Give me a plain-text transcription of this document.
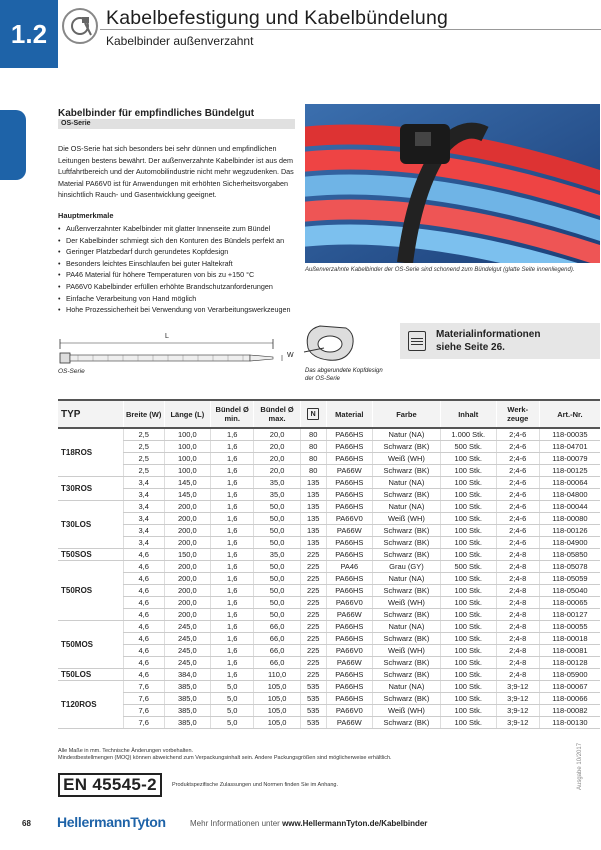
1.2
Kabelbefestigung und Kabelbündelung
Kabelbinder außenverzahnt
Kabelbinder für empfindliches Bündelgut
OS-Serie
Die OS-Serie hat sich besonders bei sehr dünnen und empfindlichen Leitungen bestens bewährt. Der außenverzahnte Kabelbinder ist aus dem Luftfahrtbereich und der Automobilindustrie nicht mehr wegzudenken. Das Material PA66V0 ist für Anwendungen mit erhöhten Sicherheitsvorgaben hinsichtlich Rauch- und Gasentwicklung geeignet.
Hauptmerkmale
• Außenverzahnter Kabelbinder mit glatter Innenseite zum Bündel
• Der Kabelbinder schmiegt sich den Konturen des Bündels perfekt an
• Geringer Platzbedarf durch gerundetes Kopfdesign
• Besonders leichtes Einschlaufen bei guter Haltekraft
• PA46 Material für höhere Temperaturen von bis zu +150 °C
• PA66V0 Kabelbinder erfüllen erhöhte Brandschutzanforderungen
• Einfache Verarbeitung von Hand möglich
• Hohe Prozessicherheit bei Verwendung von Verarbeitungswerkzeugen
Außenverzahnte Kabelbinder der OS-Serie sind schonend zum Bündelgut (glatte Seite innenliegend).
Materialinformationen
siehe Seite 26.
L
W
OS-Serie	Das abgerundete Kopfdesign
der OS-Serie
TYP	Breite (W)	Länge (L)	Bündel Ø min.	Bündel Ø max.	N	Material	Farbe	Inhalt	Werk- zeuge	Art.-Nr.
T18ROS	2,5	100,0	1,6	20,0	80	PA66HS	Natur (NA)	1.000 Stk.	2;4-6	118-00035
	2,5	100,0	1,6	20,0	80	PA66HS	Schwarz (BK)	500 Stk.	2;4-6	118-04701
	2,5	100,0	1,6	20,0	80	PA66HS	Weiß (WH)	100 Stk.	2;4-6	118-00079
	2,5	100,0	1,6	20,0	80	PA66W	Schwarz (BK)	100 Stk.	2;4-6	118-00125
T30ROS	3,4	145,0	1,6	35,0	135	PA66HS	Natur (NA)	100 Stk.	2;4-6	118-00064
	3,4	145,0	1,6	35,0	135	PA66HS	Schwarz (BK)	100 Stk.	2;4-6	118-04800
T30LOS	3,4	200,0	1,6	50,0	135	PA66HS	Natur (NA)	100 Stk.	2;4-6	118-00044
	3,4	200,0	1,6	50,0	135	PA66V0	Weiß (WH)	100 Stk.	2;4-6	118-00080
	3,4	200,0	1,6	50,0	135	PA66W	Schwarz (BK)	100 Stk.	2;4-6	118-00126
	3,4	200,0	1,6	50,0	135	PA66HS	Schwarz (BK)	100 Stk.	2;4-6	118-04900
T50SOS	4,6	150,0	1,6	35,0	225	PA66HS	Schwarz (BK)	100 Stk.	2;4-8	118-05850
T50ROS	4,6	200,0	1,6	50,0	225	PA46	Grau (GY)	500 Stk.	2;4-8	118-05078
	4,6	200,0	1,6	50,0	225	PA66HS	Natur (NA)	100 Stk.	2;4-8	118-05059
	4,6	200,0	1,6	50,0	225	PA66HS	Schwarz (BK)	100 Stk.	2;4-8	118-05040
	4,6	200,0	1,6	50,0	225	PA66V0	Weiß (WH)	100 Stk.	2;4-8	118-00065
	4,6	200,0	1,6	50,0	225	PA66W	Schwarz (BK)	100 Stk.	2;4-8	118-00127
T50MOS	4,6	245,0	1,6	66,0	225	PA66HS	Natur (NA)	100 Stk.	2;4-8	118-00055
	4,6	245,0	1,6	66,0	225	PA66HS	Schwarz (BK)	100 Stk.	2;4-8	118-00018
	4,6	245,0	1,6	66,0	225	PA66V0	Weiß (WH)	100 Stk.	2;4-8	118-00081
	4,6	245,0	1,6	66,0	225	PA66W	Schwarz (BK)	100 Stk.	2;4-8	118-00128
T50LOS	4,6	384,0	1,6	110,0	225	PA66HS	Schwarz (BK)	100 Stk.	2;4-8	118-05900
T120ROS	7,6	385,0	5,0	105,0	535	PA66HS	Natur (NA)	100 Stk.	3;9-12	118-00067
	7,6	385,0	5,0	105,0	535	PA66HS	Schwarz (BK)	100 Stk.	3;9-12	118-00066
	7,6	385,0	5,0	105,0	535	PA66V0	Weiß (WH)	100 Stk.	3;9-12	118-00082
	7,6	385,0	5,0	105,0	535	PA66W	Schwarz (BK)	100 Stk.	3;9-12	118-00130
Alle Maße in mm. Technische Änderungen vorbehalten.
Mindestbestellmengen (MOQ) können abweichend zum Verpackungsinhalt sein. Andere Packungsgrößen sind möglicherweise erhältlich.
EN 45545-2	Produktspezifische Zulassungen und Normen finden Sie im Anhang.	Ausgabe 10/2017
68 HellermannTyton	Mehr Informationen unter www.HellermannTyton.de/Kabelbinder
